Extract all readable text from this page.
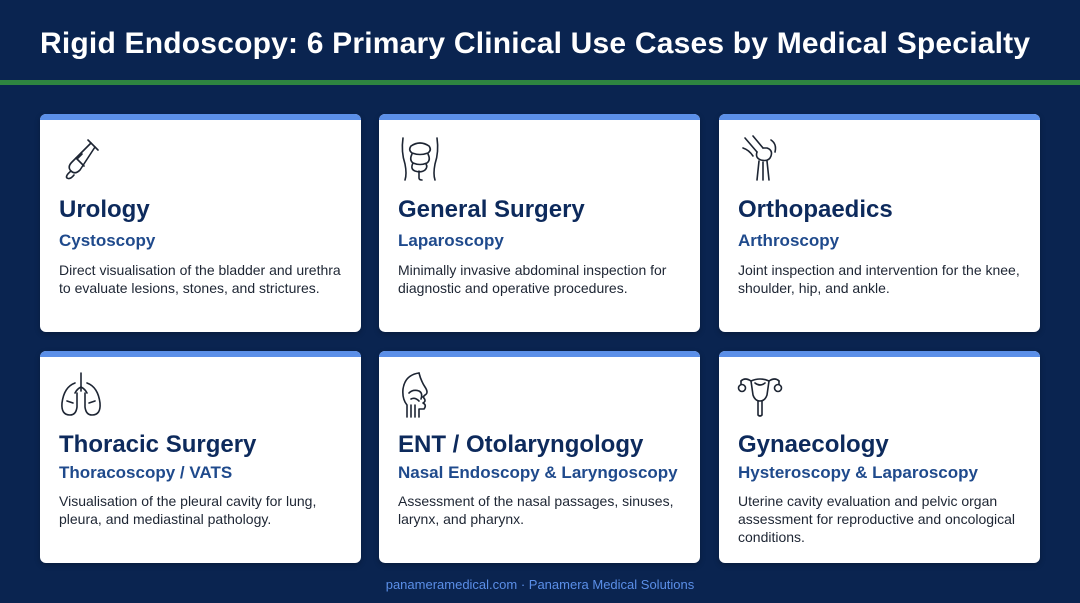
Rigid Endoscopy: 6 Primary Clinical Use Cases by Medical Specialty
Urology
Cystoscopy
Direct visualisation of the bladder and urethra to evaluate lesions, stones, and strictures.
General Surgery
Laparoscopy
Minimally invasive abdominal inspection for diagnostic and operative procedures.
Orthopaedics
Arthroscopy
Joint inspection and intervention for the knee, shoulder, hip, and ankle.
Thoracic Surgery
Thoracoscopy / VATS
Visualisation of the pleural cavity for lung, pleura, and mediastinal pathology.
ENT / Otolaryngology
Nasal Endoscopy & Laryngoscopy
Assessment of the nasal passages, sinuses, larynx, and pharynx.
Gynaecology
Hysteroscopy & Laparoscopy
Uterine cavity evaluation and pelvic organ assessment for reproductive and oncological conditions.
panameramedical.com · Panamera Medical Solutions
